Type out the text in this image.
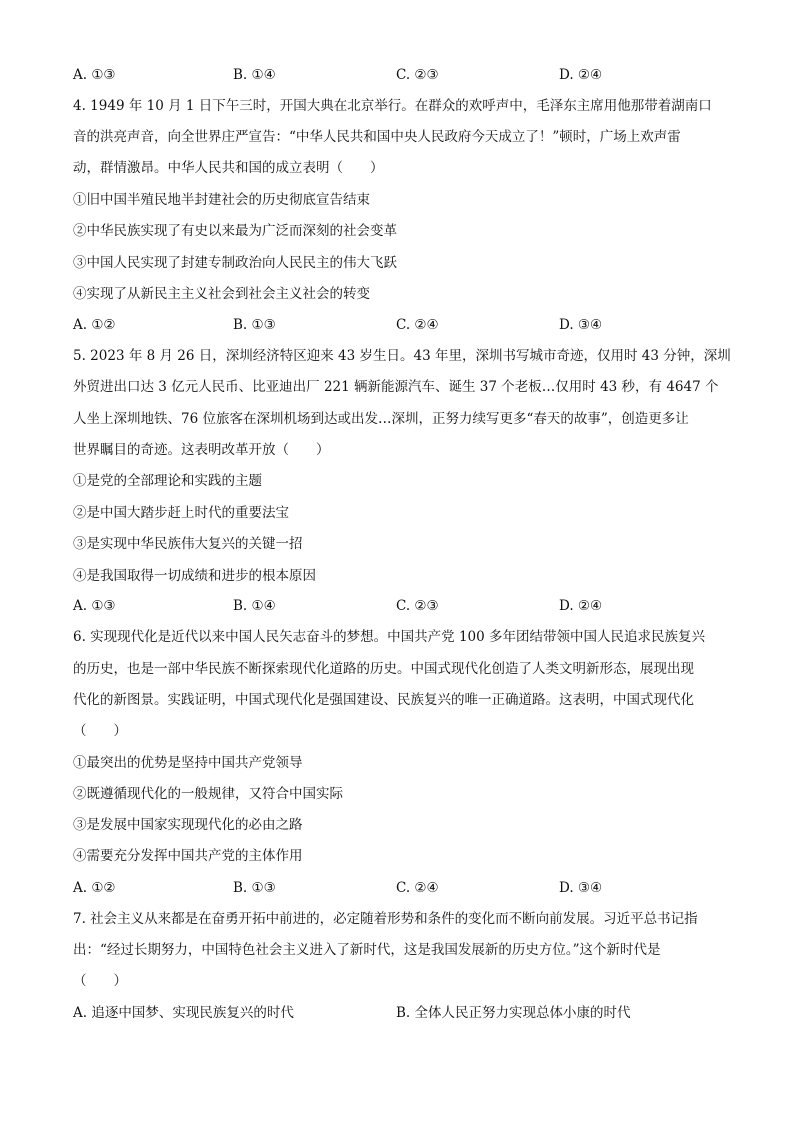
A. ①③	B. ①④	C. ②③	D. ②④
4. 1949 年 10 月 1 日下午三时，开国大典在北京举行。在群众的欢呼声中，毛泽东主席用他那带着湖南口
音的洪亮声音，向全世界庄严宣告：“中华人民共和国中央人民政府今天成立了！”顿时，广场上欢声雷
动，群情激昂。中华人民共和国的成立表明（　　）
①旧中国半殖民地半封建社会的历史彻底宣告结束
②中华民族实现了有史以来最为广泛而深刻的社会变革
③中国人民实现了封建专制政治向人民民主的伟大飞跃
④实现了从新民主主义社会到社会主义社会的转变
A. ①②	B. ①③	C. ②④	D. ③④
5. 2023 年 8 月 26 日，深圳经济特区迎来 43 岁生日。43 年里，深圳书写城市奇迹，仅用时 43 分钟，深圳
外贸进出口达 3 亿元人民币、比亚迪出厂 221 辆新能源汽车、诞生 37 个老板…仅用时 43 秒，有 4647 个
人坐上深圳地铁、76 位旅客在深圳机场到达或出发…深圳，正努力续写更多“春天的故事”，创造更多让
世界瞩目的奇迹。这表明改革开放（　　）
①是党的全部理论和实践的主题
②是中国大踏步赶上时代的重要法宝
③是实现中华民族伟大复兴的关键一招
④是我国取得一切成绩和进步的根本原因
A. ①③	B. ①④	C. ②③	D. ②④
6. 实现现代化是近代以来中国人民矢志奋斗的梦想。中国共产党 100 多年团结带领中国人民追求民族复兴
的历史，也是一部中华民族不断探索现代化道路的历史。中国式现代化创造了人类文明新形态，展现出现
代化的新图景。实践证明，中国式现代化是强国建设、民族复兴的唯一正确道路。这表明，中国式现代化
（　　）
①最突出的优势是坚持中国共产党领导
②既遵循现代化的一般规律，又符合中国实际
③是发展中国家实现现代化的必由之路
④需要充分发挥中国共产党的主体作用
A. ①②	B. ①③	C. ②④	D. ③④
7. 社会主义从来都是在奋勇开拓中前进的，必定随着形势和条件的变化而不断向前发展。习近平总书记指
出：“经过长期努力，中国特色社会主义进入了新时代，这是我国发展新的历史方位。”这个新时代是
（　　）
A. 追逐中国梦、实现民族复兴的时代	B. 全体人民正努力实现总体小康的时代
